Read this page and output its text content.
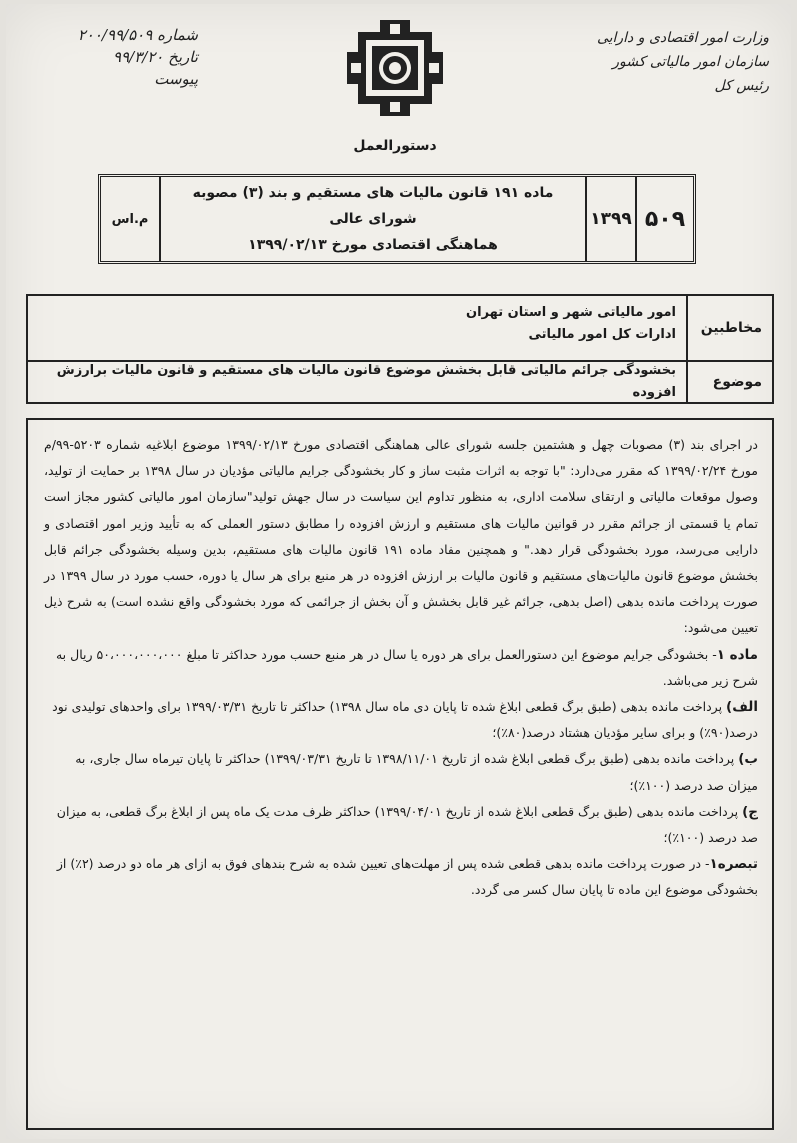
شماره ۲۰۰/۹۹/۵۰۹
تاریخ ۹۹/۳/۲۰
پیوست
وزارت امور اقتصادی و دارایی
سازمان امور مالیاتی کشور
رئیس کل
دستورالعمل
۵۰۹
۱۳۹۹
ماده ۱۹۱ قانون مالیات های مستقیم و بند (۳) مصوبه شورای عالی
هماهنگی اقتصادی مورخ ۱۳۹۹/۰۲/۱۳
م.اس
مخاطبین
امور مالیاتی شهر و استان تهران
ادارات کل امور مالیاتی
موضوع
بخشودگی جرائم مالیاتی قابل بخشش موضوع قانون مالیات های مستقیم و قانون مالیات برارزش افزوده

در اجرای بند (۳) مصوبات چهل و هشتمین جلسه شورای عالی هماهنگی اقتصادی مورخ ۱۳۹۹/۰۲/۱۳ موضوع ابلاغیه شماره ۵۲۰۳-۹۹/م مورخ ۱۳۹۹/۰۲/۲۴ که مقرر می‌دارد: "با توجه به اثرات مثبت ساز و کار بخشودگی جرایم مالیاتی مؤدیان در سال ۱۳۹۸ بر حمایت از تولید، وصول موقعات مالیاتی و ارتقای سلامت اداری، به منظور تداوم این سیاست در سال جهش تولید"سازمان امور مالیاتی کشور مجاز است تمام یا قسمتی از جرائم مقرر در قوانین مالیات های مستقیم و ارزش افزوده را مطابق دستور العملی که به تأیید وزیر امور اقتصادی و دارایی می‌رسد، مورد بخشودگی قرار دهد." و همچنین مفاد ماده ۱۹۱ قانون مالیات های مستقیم، بدین وسیله بخشودگی جرائم قابل بخشش موضوع قانون مالیات‌های مستقیم و قانون مالیات بر ارزش افزوده در هر منبع برای هر سال یا دوره، حسب مورد در سال ۱۳۹۹ در صورت پرداخت مانده بدهی (اصل بدهی، جرائم غیر قابل بخشش و آن بخش از جرائمی که مورد بخشودگی واقع نشده است) به شرح ذیل تعیین می‌شود:

ماده ۱- بخشودگی جرایم موضوع این دستورالعمل برای هر دوره یا سال در هر منبع حسب مورد حداکثر تا مبلغ ۵۰،۰۰۰،۰۰۰،۰۰۰ ریال به شرح زیر می‌باشد.

الف) پرداخت مانده بدهی (طبق برگ قطعی ابلاغ شده تا پایان دی ماه سال ۱۳۹۸) حداکثر تا تاریخ ۱۳۹۹/۰۳/۳۱ برای واحدهای تولیدی نود درصد(۹۰٪) و برای سایر مؤدیان هشتاد درصد(۸۰٪)؛

ب) پرداخت مانده بدهی (طبق برگ قطعی ابلاغ شده از تاریخ ۱۳۹۸/۱۱/۰۱ تا تاریخ ۱۳۹۹/۰۳/۳۱) حداکثر تا پایان تیرماه سال جاری، به میزان صد درصد (۱۰۰٪)؛

ج) پرداخت مانده بدهی (طبق برگ قطعی ابلاغ شده از تاریخ ۱۳۹۹/۰۴/۰۱) حداکثر ظرف مدت یک ماه پس از ابلاغ برگ قطعی، به میزان صد درصد (۱۰۰٪)؛

تبصره۱- در صورت پرداخت مانده بدهی قطعی شده پس از مهلت‌های تعیین شده به شرح بندهای فوق به ازای هر ماه دو درصد (۲٪) از بخشودگی موضوع این ماده تا پایان سال کسر می گردد.
